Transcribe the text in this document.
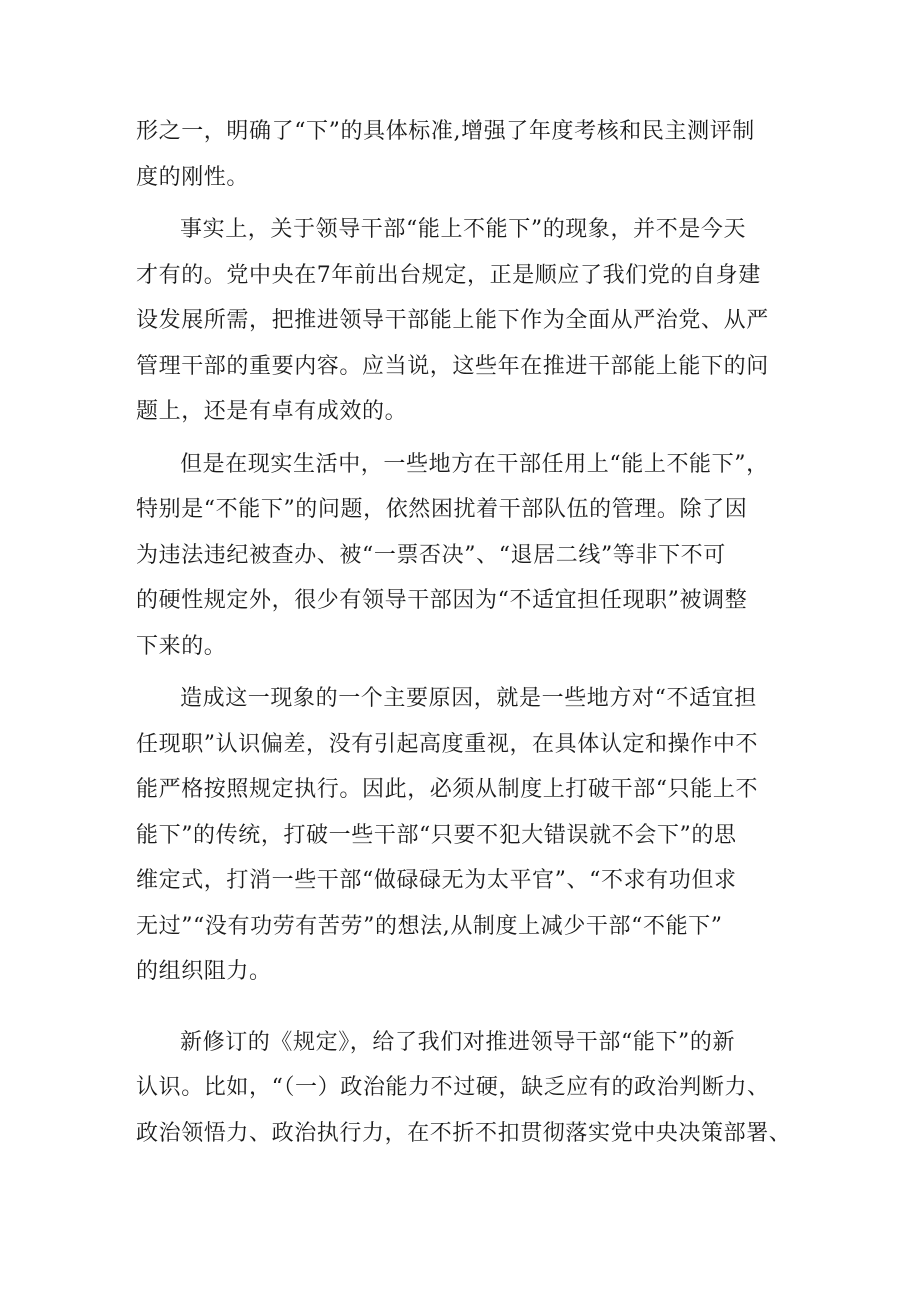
形之一，明确了“下”的具体标准,增强了年度考核和民主测评制
度的刚性。

事实上，关于领导干部“能上不能下”的现象，并不是今天
才有的。党中央在7年前出台规定，正是顺应了我们党的自身建
设发展所需，把推进领导干部能上能下作为全面从严治党、从严
管理干部的重要内容。应当说，这些年在推进干部能上能下的问
题上，还是有卓有成效的。

但是在现实生活中，一些地方在干部任用上“能上不能下”，
特别是“不能下”的问题，依然困扰着干部队伍的管理。除了因
为违法违纪被查办、被“一票否决”、“退居二线”等非下不可
的硬性规定外，很少有领导干部因为“不适宜担任现职”被调整
下来的。

造成这一现象的一个主要原因，就是一些地方对“不适宜担
任现职”认识偏差，没有引起高度重视，在具体认定和操作中不
能严格按照规定执行。因此，必须从制度上打破干部“只能上不
能下”的传统，打破一些干部“只要不犯大错误就不会下”的思
维定式，打消一些干部“做碌碌无为太平官”、“不求有功但求
无过”“没有功劳有苦劳”的想法,从制度上减少干部“不能下”
的组织阻力。

新修订的《规定》，给了我们对推进领导干部“能下”的新
认识。比如，“（一）政治能力不过硬，缺乏应有的政治判断力、
政治领悟力、政治执行力，在不折不扣贯彻落实党中央决策部署、
